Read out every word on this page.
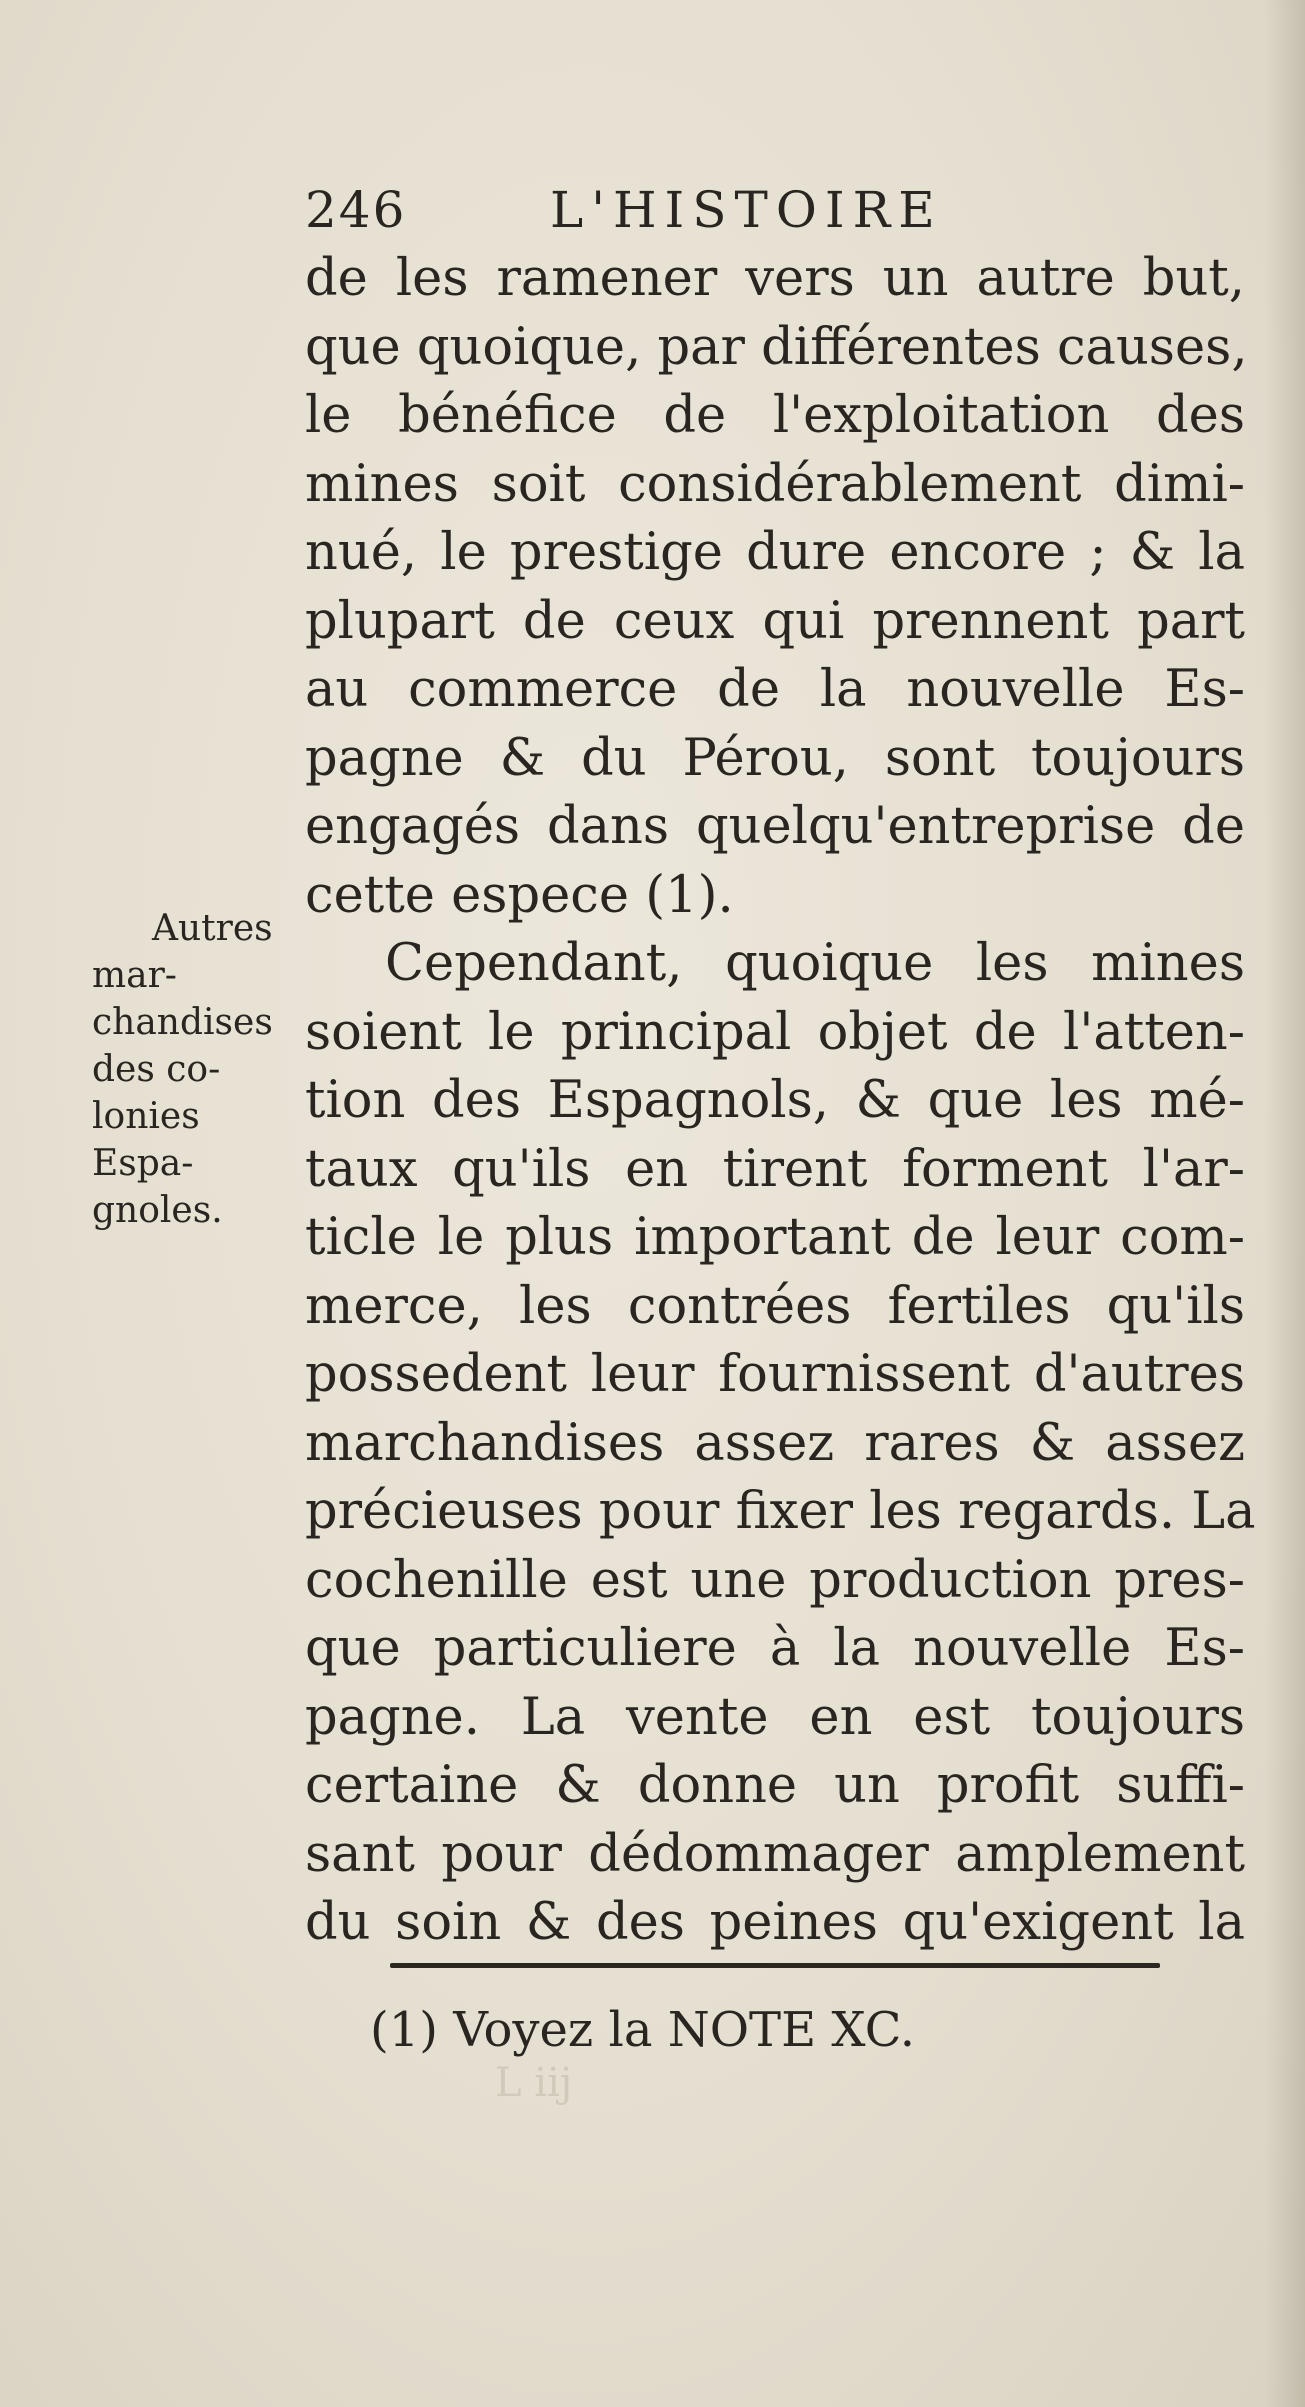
246	L'HISTOIRE
de les ramener vers un autre but,
que quoique, par différentes causes,
le bénéfice de l'exploitation des
mines soit considérablement dimi-
nué, le prestige dure encore ; & la
plupart de ceux qui prennent part
au commerce de la nouvelle Es-
pagne & du Pérou, sont toujours
engagés dans quelqu'entreprise de
cette espece (1).
Cependant, quoique les mines
soient le principal objet de l'atten-
tion des Espagnols, & que les mé-
taux qu'ils en tirent forment l'ar-
ticle le plus important de leur com-
merce, les contrées fertiles qu'ils
possedent leur fournissent d'autres
marchandises assez rares & assez
précieuses pour fixer les regards. La
cochenille est une production pres-
que particuliere à la nouvelle Es-
pagne. La vente en est toujours
certaine & donne un profit suffi-
sant pour dédommager amplement
du soin & des peines qu'exigent la
Autres
mar-
chandises
des co-
lonies
Espa-
gnoles.
(1) Voyez la NOTE XC.
L iij
